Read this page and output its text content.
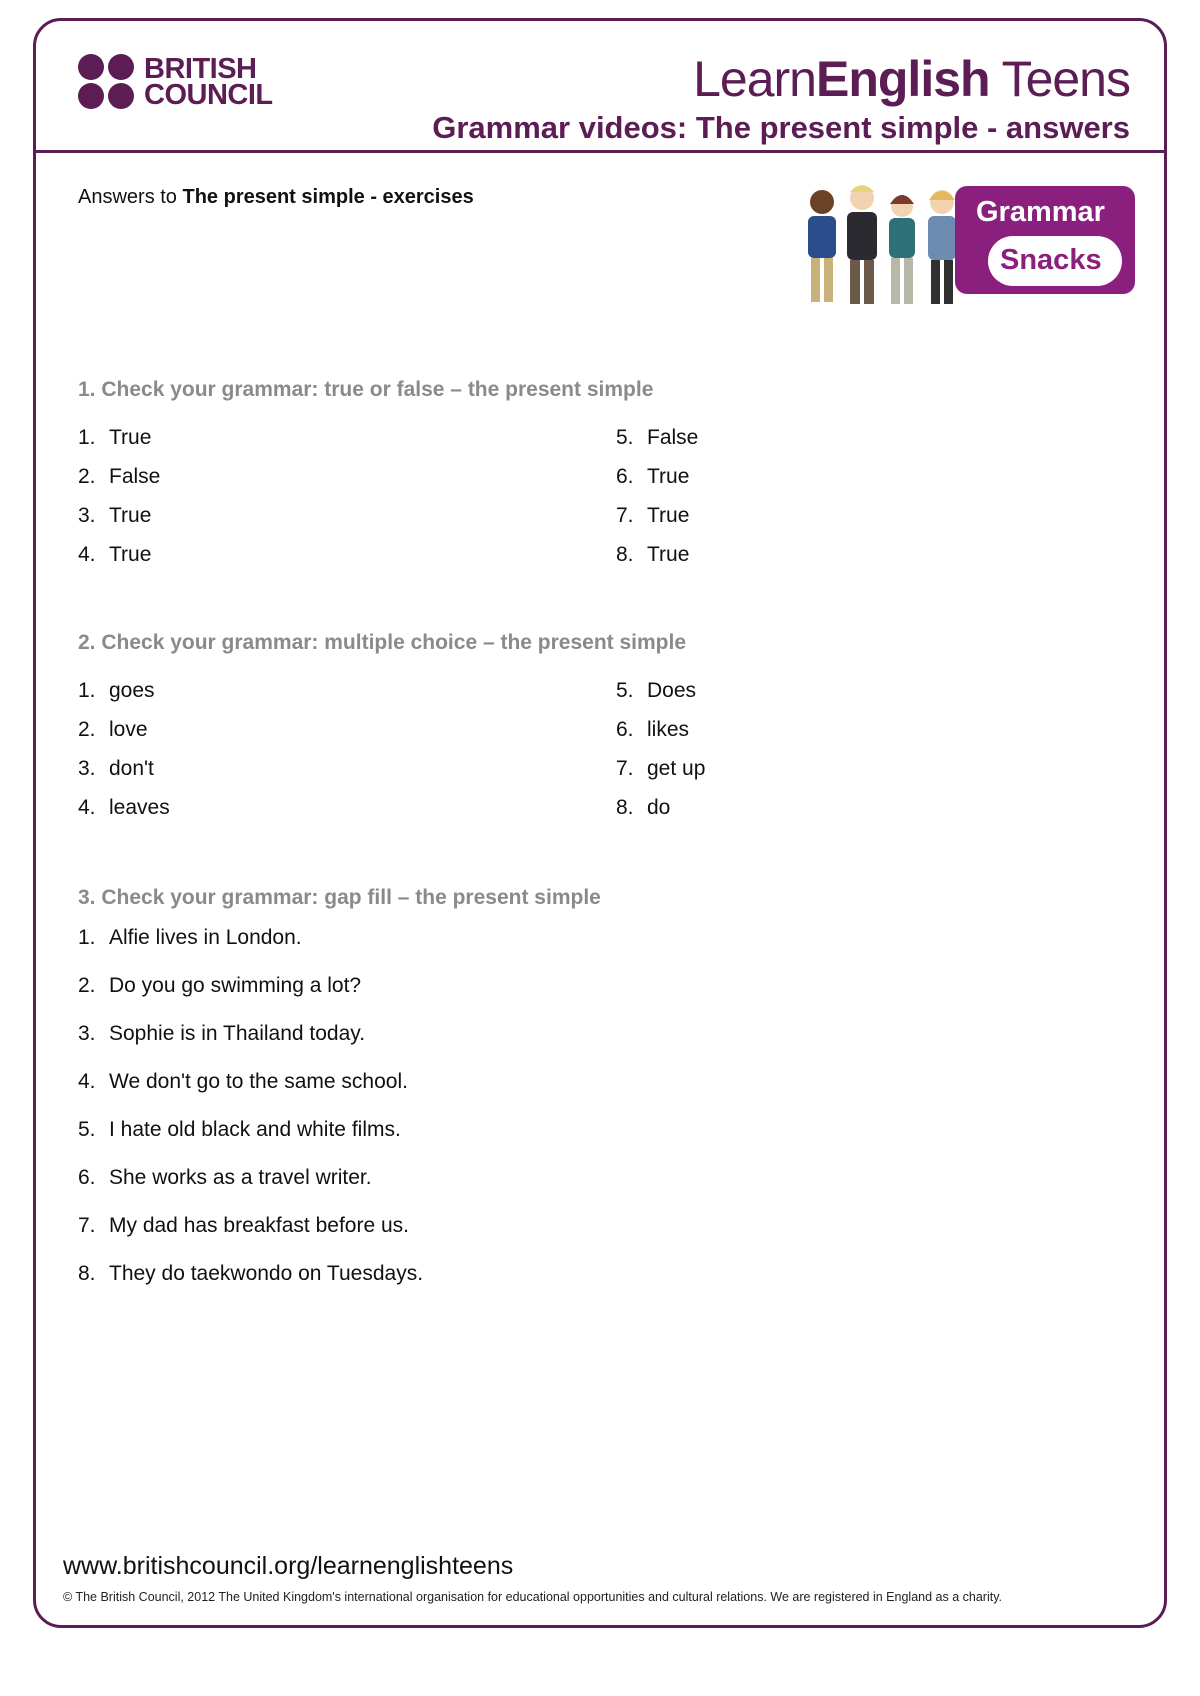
BRITISH
COUNCIL	LearnEnglish Teens
Grammar videos: The present simple - answers
Answers to The present simple - exercises	Grammar
Snacks
1. Check your grammar: true or false – the present simple
1. True
2. False
3. True
4. True
5. False
6. True
7. True
8. True
2. Check your grammar: multiple choice – the present simple
1. goes
2. love
3. don't
4. leaves
5. Does
6. likes
7. get up
8. do
3. Check your grammar: gap fill – the present simple
1. Alfie lives in London.
2. Do you go swimming a lot?
3. Sophie is in Thailand today.
4. We don't go to the same school.
5. I hate old black and white films.
6. She works as a travel writer.
7. My dad has breakfast before us.
8. They do taekwondo on Tuesdays.
www.britishcouncil.org/learnenglishteens
© The British Council, 2012 The United Kingdom's international organisation for educational opportunities and cultural relations. We are registered in England as a charity.
